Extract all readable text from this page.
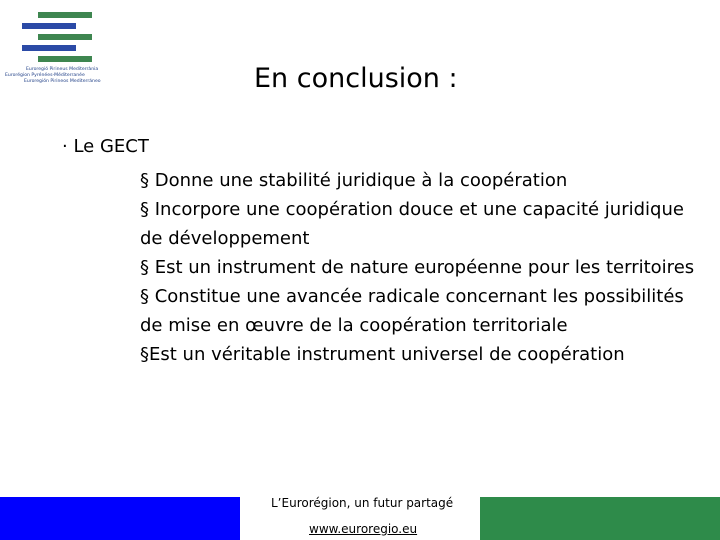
Euroregió Pirineus Mediterrània
Eurorégion Pyrénées-Méditerranée
Euroregión Pirineos Mediterráneo	En conclusion :
· Le GECT

§ Donne une stabilité juridique à la coopération

§ Incorpore une coopération douce et une capacité juridique de développement

§ Est un instrument de nature européenne pour les territoires

§ Constitue une avancée radicale concernant les possibilités de mise en œuvre de la coopération territoriale

§Est un véritable instrument universel de coopération

L’Eurorégion, un futur partagé
www.euroregio.eu
